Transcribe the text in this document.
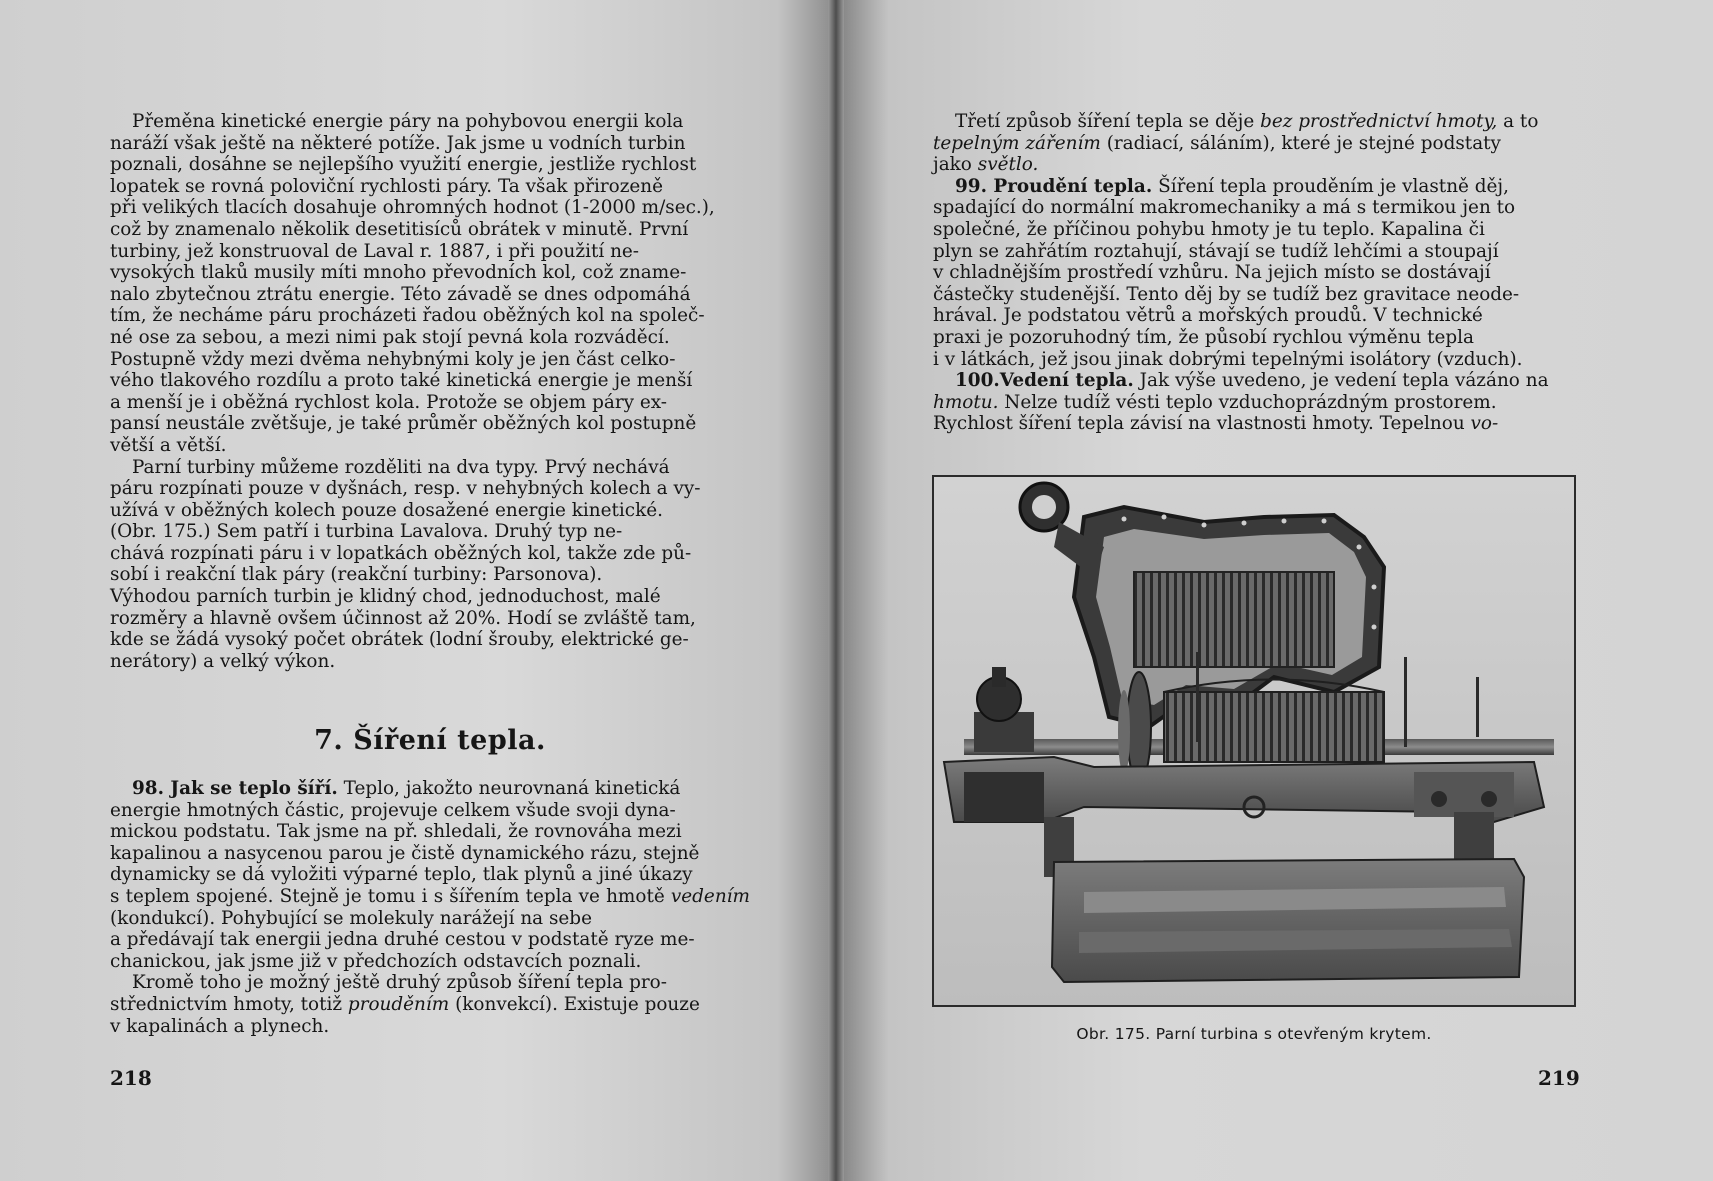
Přeměna kinetické energie páry na pohybovou energii kola
naráží však ještě na některé potíže. Jak jsme u vodních turbin
poznali, dosáhne se nejlepšího využití energie, jestliže rychlost
lopatek se rovná poloviční rychlosti páry. Ta však přirozeně
při velikých tlacích dosahuje ohromných hodnot (1-2000 m/sec.),
což by znamenalo několik desetitisíců obrátek v minutě. První
turbiny, jež konstruoval de Laval r. 1887, i při použití ne-
vysokých tlaků musily míti mnoho převodních kol, což zname-
nalo zbytečnou ztrátu energie. Této závadě se dnes odpomáhá
tím, že necháme páru procházeti řadou oběžných kol na společ-
né ose za sebou, a mezi nimi pak stojí pevná kola rozváděcí.
Postupně vždy mezi dvěma nehybnými koly je jen část celko-
vého tlakového rozdílu a proto také kinetická energie je menší
a menší je i oběžná rychlost kola. Protože se objem páry ex-
pansí neustále zvětšuje, je také průměr oběžných kol postupně
větší a větší.

Parní turbiny můžeme rozděliti na dva typy. Prvý nechává
páru rozpínati pouze v dyšnách, resp. v nehybných kolech a vy-
užívá v oběžných kolech pouze dosažené energie kinetické.
(Obr. 175.) Sem patří i turbina Lavalova. Druhý typ ne-
chává rozpínati páru i v lopatkách oběžných kol, takže zde pů-
sobí i reakční tlak páry (reakční turbiny: Parsonova).
Výhodou parních turbin je klidný chod, jednoduchost, malé

rozměry a hlavně ovšem účinnost až 20%. Hodí se zvláště tam,
kde se žádá vysoký počet obrátek (lodní šrouby, elektrické ge-
nerátory) a velký výkon.
7. Šíření tepla.

98. Jak se teplo šíří. Teplo, jakožto neurovnaná kinetická
energie hmotných částic, projevuje celkem všude svoji dyna-
mickou podstatu. Tak jsme na př. shledali, že rovnováha mezi
kapalinou a nasycenou parou je čistě dynamického rázu, stejně
dynamicky se dá vyložiti výparné teplo, tlak plynů a jiné úkazy
s teplem spojené. Stejně je tomu i s šířením tepla ve hmotě vedením (kondukcí). Pohybující se molekuly narážejí na sebe
a předávají tak energii jedna druhé cestou v podstatě ryze me-
chanickou, jak jsme již v předchozích odstavcích poznali.

Kromě toho je možný ještě druhý způsob šíření tepla pro-
střednictvím hmoty, totiž prouděním (konvekcí). Existuje pouze
v kapalinách a plynech.

218

Třetí způsob šíření tepla se děje bez prostřednictví hmoty, a to
tepelným zářením (radiací, sáláním), které je stejné podstaty
jako světlo.

99. Proudění tepla. Šíření tepla prouděním je vlastně děj,
spadající do normální makromechaniky a má s termikou jen to
společné, že příčinou pohybu hmoty je tu teplo. Kapalina či
plyn se zahřátím roztahují, stávají se tudíž lehčími a stoupají
v chladnějším prostředí vzhůru. Na jejich místo se dostávají
částečky studenější. Tento děj by se tudíž bez gravitace neode-
hrával. Je podstatou větrů a mořských proudů. V technické
praxi je pozoruhodný tím, že působí rychlou výměnu tepla
i v látkách, jež jsou jinak dobrými tepelnými isolátory (vzduch).

100.Vedení tepla. Jak výše uvedeno, je vedení tepla vázáno na
hmotu. Nelze tudíž vésti teplo vzduchoprázdným prostorem.
Rychlost šíření tepla závisí na vlastnosti hmoty. Tepelnou vo-

Obr. 175. Parní turbina s otevřeným krytem.
219
